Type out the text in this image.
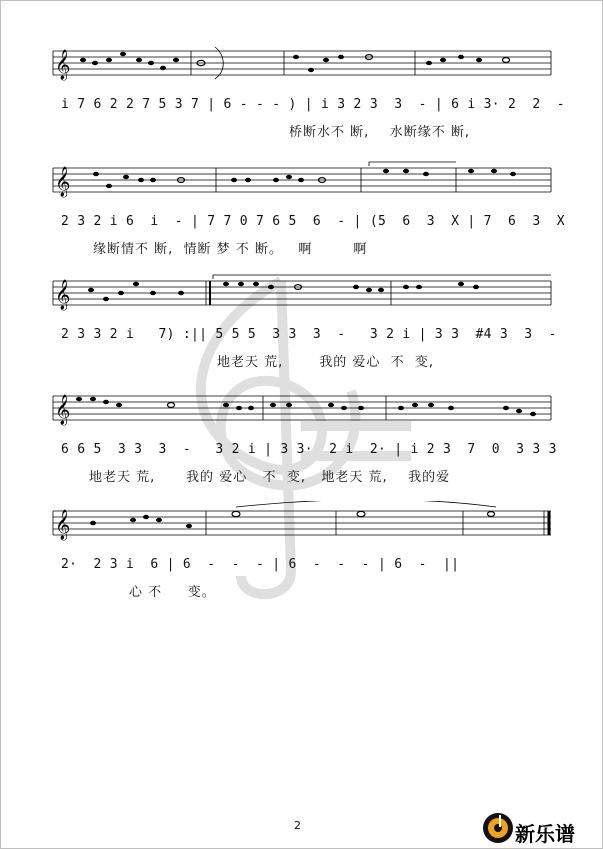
𝄞
i 7 6 2 2 7 5 3 7 | 6 - - - ) | i 3 2 3  3  - | 6 i 3· 2  2  -
桥断水不 断,    水断缘不 断,
𝄞
2 3 2 i 6  i  - | 7 7 0 7 6 5  6  - | (5  6  3  X | 7  6  3  X
缘断情不 断,  情断 梦 不 断。   啊        啊
𝄞
2 3 3 2 i   7) :|| 5 5 5  3 3  3  -   3 2 i | 3 3  #4 3  3  -
地老天 荒,       我的 爱心  不  变,
𝄞
6 6 5  3 3  3  -   3 2 i | 3 3·  2 i  2· | i 2 3  7  0  3 3 3
地老天 荒,      我的 爱心   不  变,   地老天 荒,    我的爱
𝄞
2·  2 3 i  6 | 6  -  -  - | 6  -  -  - | 6  -  ||
心 不     变。
2	新乐谱
